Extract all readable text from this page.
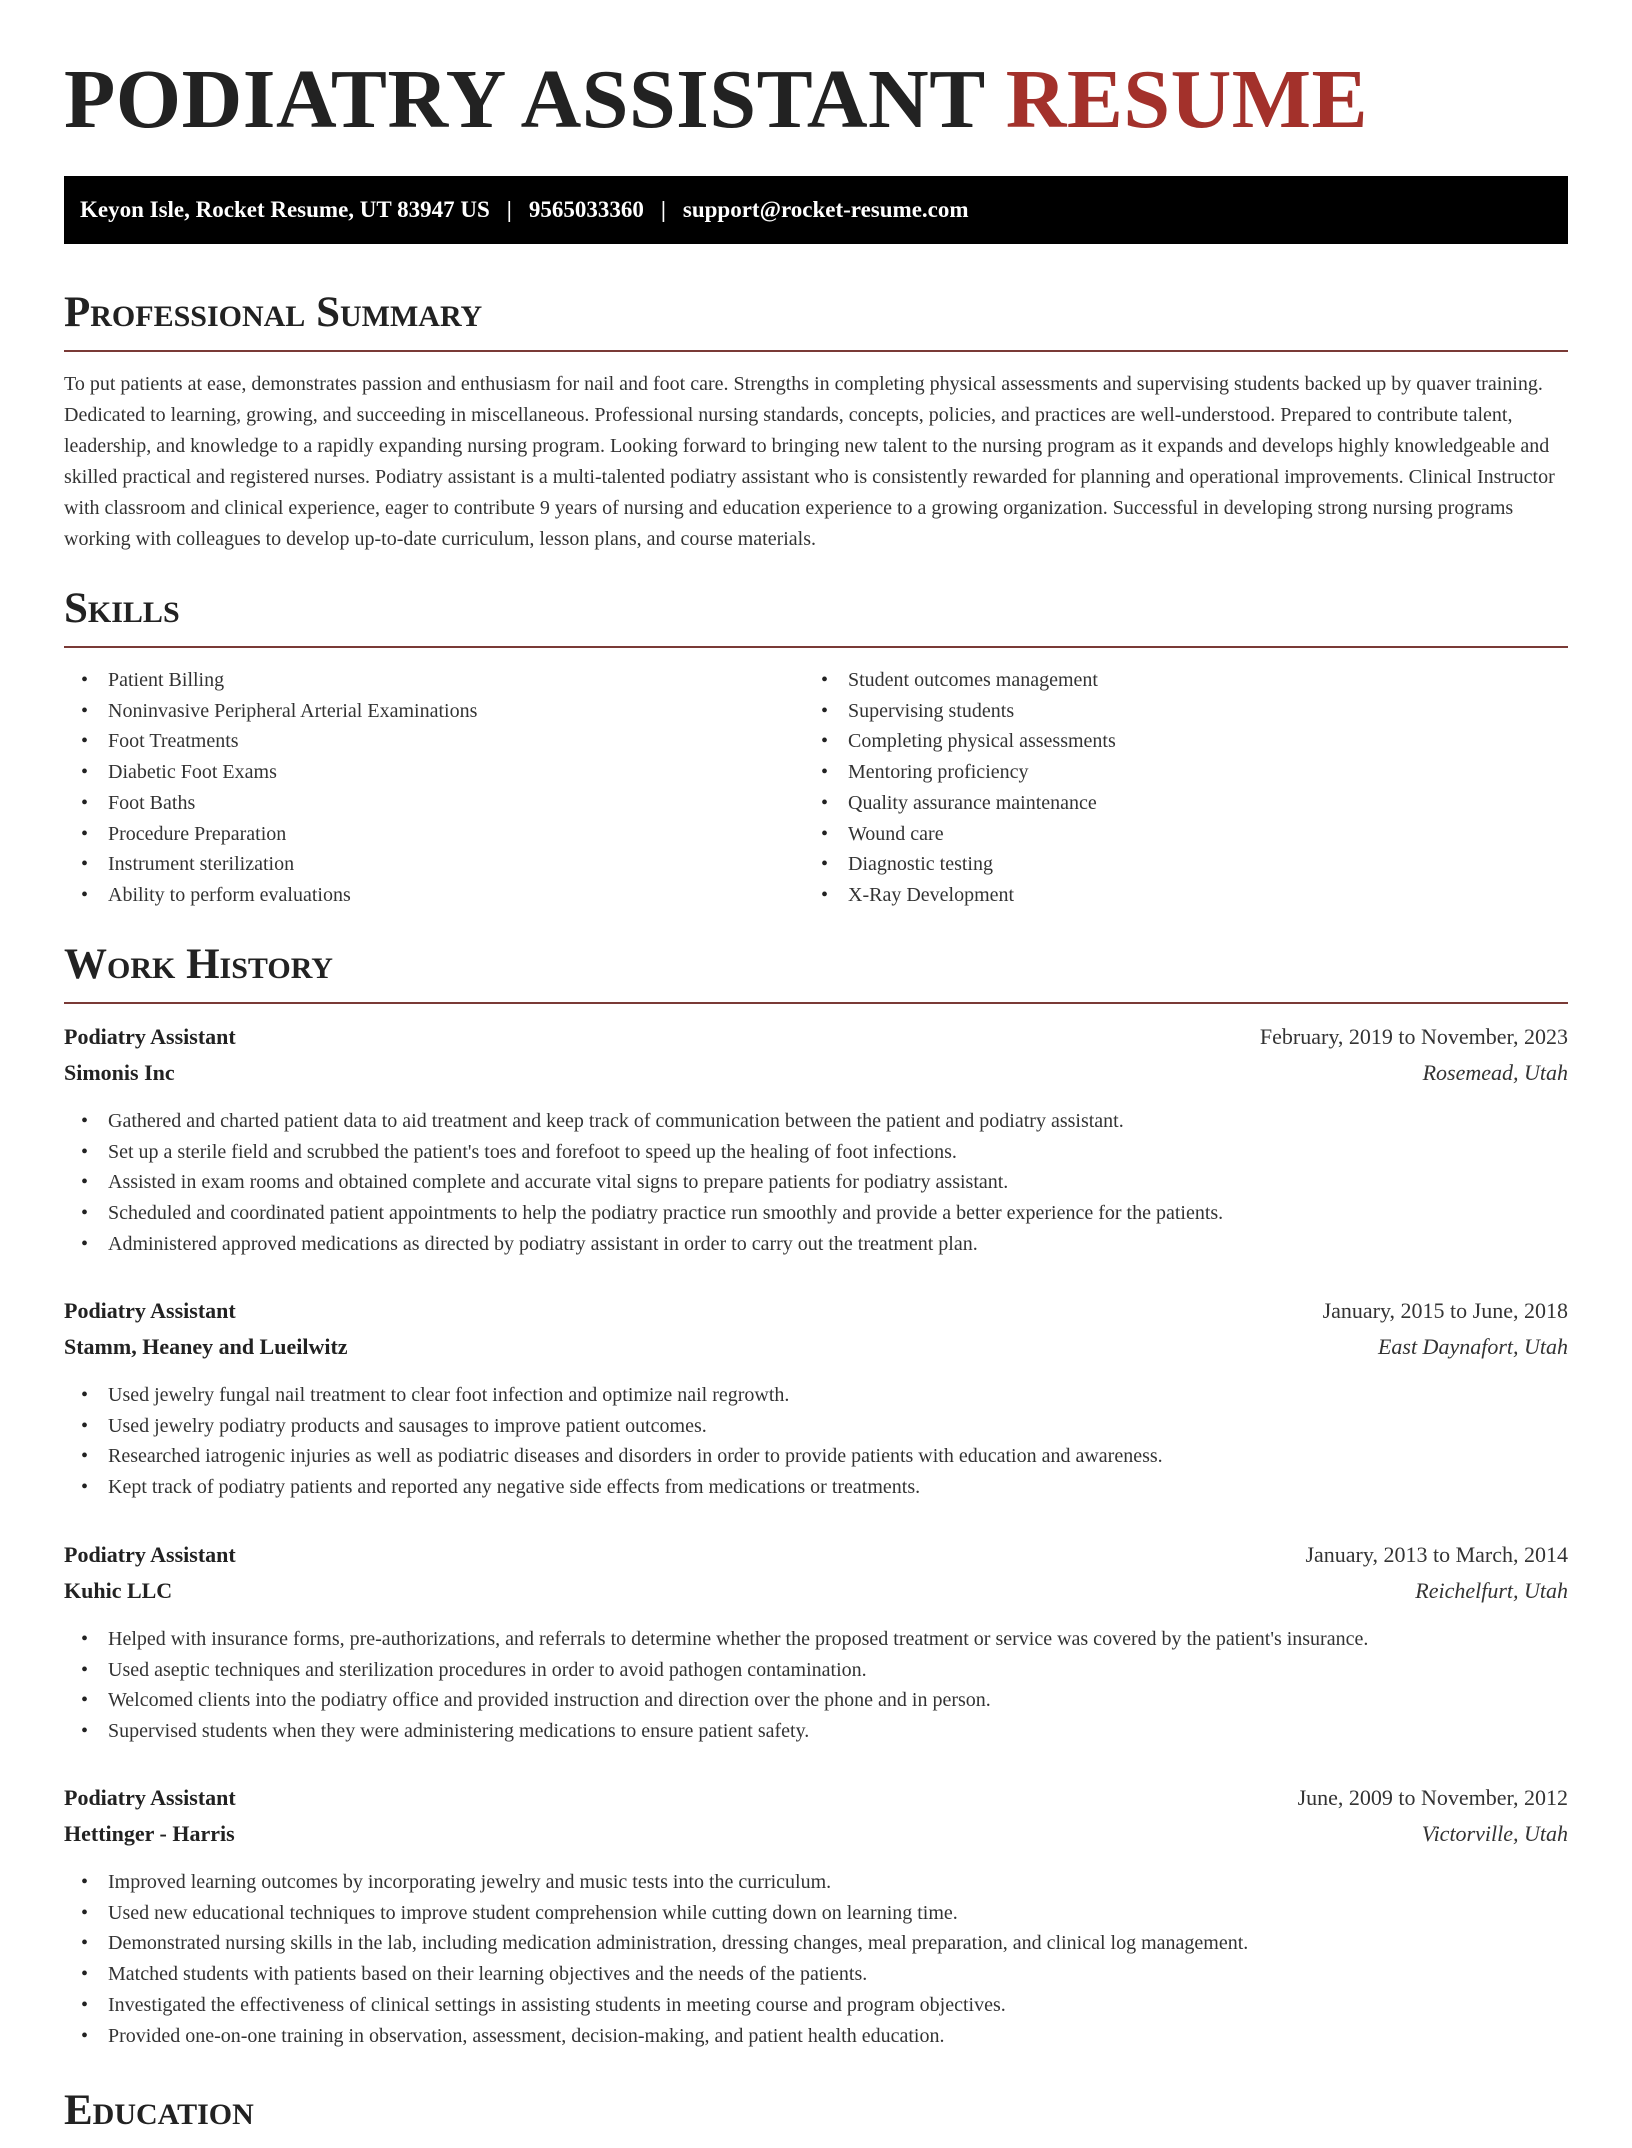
PODIATRY ASSISTANT RESUME
Keyon Isle, Rocket Resume, UT 83947 US | 9565033360 | support@rocket-resume.com
Professional Summary

To put patients at ease, demonstrates passion and enthusiasm for nail and foot care. Strengths in completing physical assessments and supervising students backed up by quaver training. Dedicated to learning, growing, and succeeding in miscellaneous. Professional nursing standards, concepts, policies, and practices are well-understood. Prepared to contribute talent, leadership, and knowledge to a rapidly expanding nursing program. Looking forward to bringing new talent to the nursing program as it expands and develops highly knowledgeable and skilled practical and registered nurses. Podiatry assistant is a multi-talented podiatry assistant who is consistently rewarded for planning and operational improvements. Clinical Instructor with classroom and clinical experience, eager to contribute 9 years of nursing and education experience to a growing organization. Successful in developing strong nursing programs working with colleagues to develop up-to-date curriculum, lesson plans, and course materials.

Skills
• Patient Billing
• Noninvasive Peripheral Arterial Examinations
• Foot Treatments
• Diabetic Foot Exams
• Foot Baths
• Procedure Preparation
• Instrument sterilization
• Ability to perform evaluations
• Student outcomes management
• Supervising students
• Completing physical assessments
• Mentoring proficiency
• Quality assurance maintenance
• Wound care
• Diagnostic testing
• X-Ray Development
Work History
Podiatry Assistant	February, 2019 to November, 2023
Simonis Inc	Rosemead, Utah
• Gathered and charted patient data to aid treatment and keep track of communication between the patient and podiatry assistant.
• Set up a sterile field and scrubbed the patient's toes and forefoot to speed up the healing of foot infections.
• Assisted in exam rooms and obtained complete and accurate vital signs to prepare patients for podiatry assistant.
• Scheduled and coordinated patient appointments to help the podiatry practice run smoothly and provide a better experience for the patients.
• Administered approved medications as directed by podiatry assistant in order to carry out the treatment plan.
Podiatry Assistant	January, 2015 to June, 2018
Stamm, Heaney and Lueilwitz	East Daynafort, Utah
• Used jewelry fungal nail treatment to clear foot infection and optimize nail regrowth.
• Used jewelry podiatry products and sausages to improve patient outcomes.
• Researched iatrogenic injuries as well as podiatric diseases and disorders in order to provide patients with education and awareness.
• Kept track of podiatry patients and reported any negative side effects from medications or treatments.
Podiatry Assistant	January, 2013 to March, 2014
Kuhic LLC	Reichelfurt, Utah
• Helped with insurance forms, pre-authorizations, and referrals to determine whether the proposed treatment or service was covered by the patient's insurance.
• Used aseptic techniques and sterilization procedures in order to avoid pathogen contamination.
• Welcomed clients into the podiatry office and provided instruction and direction over the phone and in person.
• Supervised students when they were administering medications to ensure patient safety.
Podiatry Assistant	June, 2009 to November, 2012
Hettinger - Harris	Victorville, Utah
• Improved learning outcomes by incorporating jewelry and music tests into the curriculum.
• Used new educational techniques to improve student comprehension while cutting down on learning time.
• Demonstrated nursing skills in the lab, including medication administration, dressing changes, meal preparation, and clinical log management.
• Matched students with patients based on their learning objectives and the needs of the patients.
• Investigated the effectiveness of clinical settings in assisting students in meeting course and program objectives.
• Provided one-on-one training in observation, assessment, decision-making, and patient health education.
Education
